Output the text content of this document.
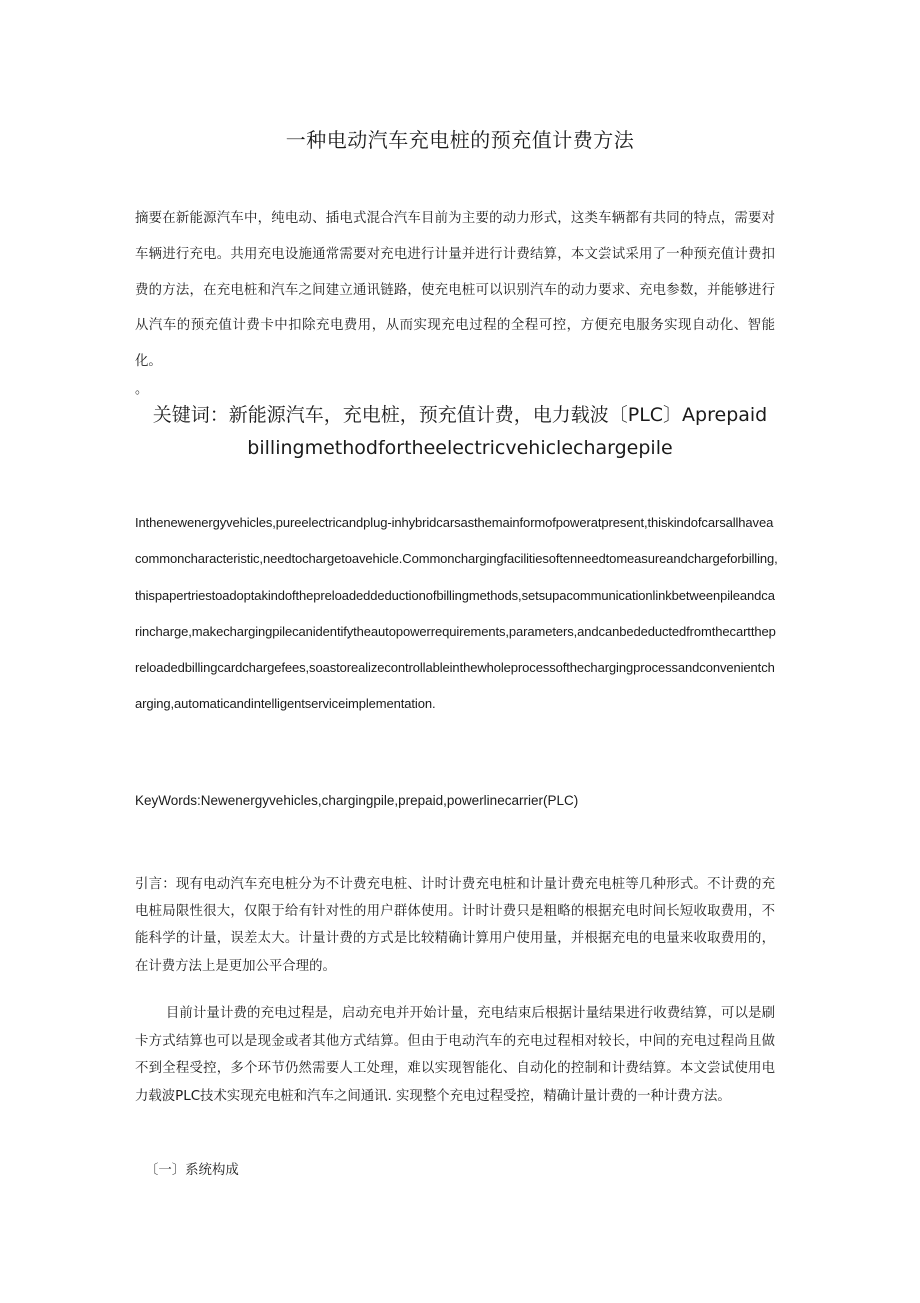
一种电动汽车充电桩的预充值计费方法

摘要在新能源汽车中，纯电动、插电式混合汽车目前为主要的动力形式，这类车辆都有共同的特点，需要对车辆进行充电。共用充电设施通常需要对充电进行计量并进行计费结算，本文尝试采用了一种预充值计费扣费的方法，在充电桩和汽车之间建立通讯链路，使充电桩可以识别汽车的动力要求、充电参数，并能够进行从汽车的预充值计费卡中扣除充电费用，从而实现充电过程的全程可控，方便充电服务实现自动化、智能化。

。

关键词：新能源汽车，充电桩，预充值计费，电力载波〔PLC〕Aprepaid billingmethodfortheelectricvehiclechargepile

Inthenewenergyvehicles,pureelectricandplug-inhybridcarsasthemainformofpoweratpresent,thiskindofcarsallhaveacommoncharacteristic,needtochargetoavehicle.Commonchargingfacilitiesoftenneedtomeasureandchargeforbilling,thispapertriestoadoptakindofthepreloadeddeductionofbillingmethods,setsupacommunicationlinkbetweenpileandcarincharge,makechargingpilecanidentifytheautopowerrequirements,parameters,andcanbedeductedfromthecartthepreloadedbillingcardchargefees,soastorealizecontrollableinthewholeprocessofthechargingprocessandconvenientcharging,automaticandintelligentserviceimplementation.

KeyWords:Newenergyvehicles,chargingpile,prepaid,powerlinecarrier(PLC)

引言：现有电动汽车充电桩分为不计费充电桩、计时计费充电桩和计量计费充电桩等几种形式。不计费的充电桩局限性很大，仅限于给有针对性的用户群体使用。计时计费只是粗略的根据充电时间长短收取费用，不能科学的计量，误差太大。计量计费的方式是比较精确计算用户使用量，并根据充电的电量来收取费用的，在计费方法上是更加公平合理的。

目前计量计费的充电过程是，启动充电并开始计量，充电结束后根据计量结果进行收费结算，可以是刷卡方式结算也可以是现金或者其他方式结算。但由于电动汽车的充电过程相对较长，中间的充电过程尚且做不到全程受控，多个环节仍然需要人工处理，难以实现智能化、自动化的控制和计费结算。本文尝试使用电力载波PLC技术实现充电桩和汽车之间通讯. 实现整个充电过程受控，精确计量计费的一种计费方法。

〔一〕系统构成
